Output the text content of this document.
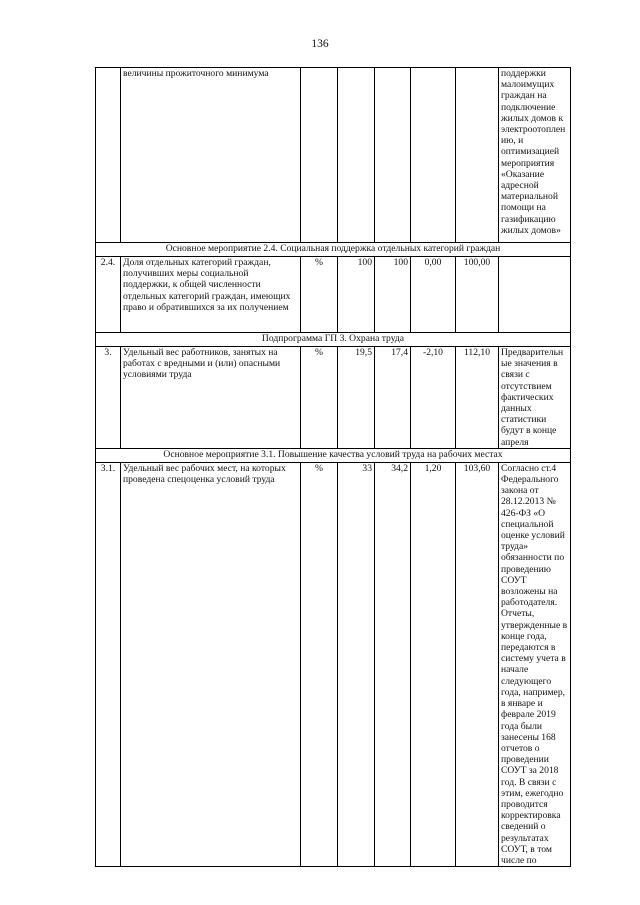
136
	величины прожиточного минимума						поддержки малоимущих граждан на подключение жилых домов к электроотоплению, и оптимизацией мероприятия «Оказание адресной материальной помощи на газификацию жилых домов»
Основное мероприятие 2.4. Социальная поддержка отдельных категорий граждан							
2.4.	Доля отдельных категорий граждан, получивших меры социальной поддержки, к общей численности отдельных категорий граждан, имеющих право и обратившихся за их получением	%	100	100	0,00	100,00	
Подпрограмма ГП 3. Охрана труда							
3.	Удельный вес работников, занятых на работах с вредными и (или) опасными условиями труда	%	19,5	17,4	-2,10	112,10	Предварительные значения в связи с отсутствием фактических данных статистики будут в конце апреля
Основное мероприятие 3.1. Повышение качества условий труда на рабочих местах							
3.1.	Удельный вес рабочих мест, на которых проведена спецоценка условий труда	%	33	34,2	1,20	103,60	Согласно ст.4 Федерального закона от 28.12.2013 № 426-ФЗ «О специальной оценке условий труда» обязанности по проведению СОУТ возложены на работодателя. Отчеты, утвержденные в конце года, передаются в систему учета в начале следующего года, например, в январе и феврале 2019 года были занесены 168 отчетов о проведении СОУТ за 2018 год. В связи с этим, ежегодно проводится корректировка сведений о результатах СОУТ, в том числе по
